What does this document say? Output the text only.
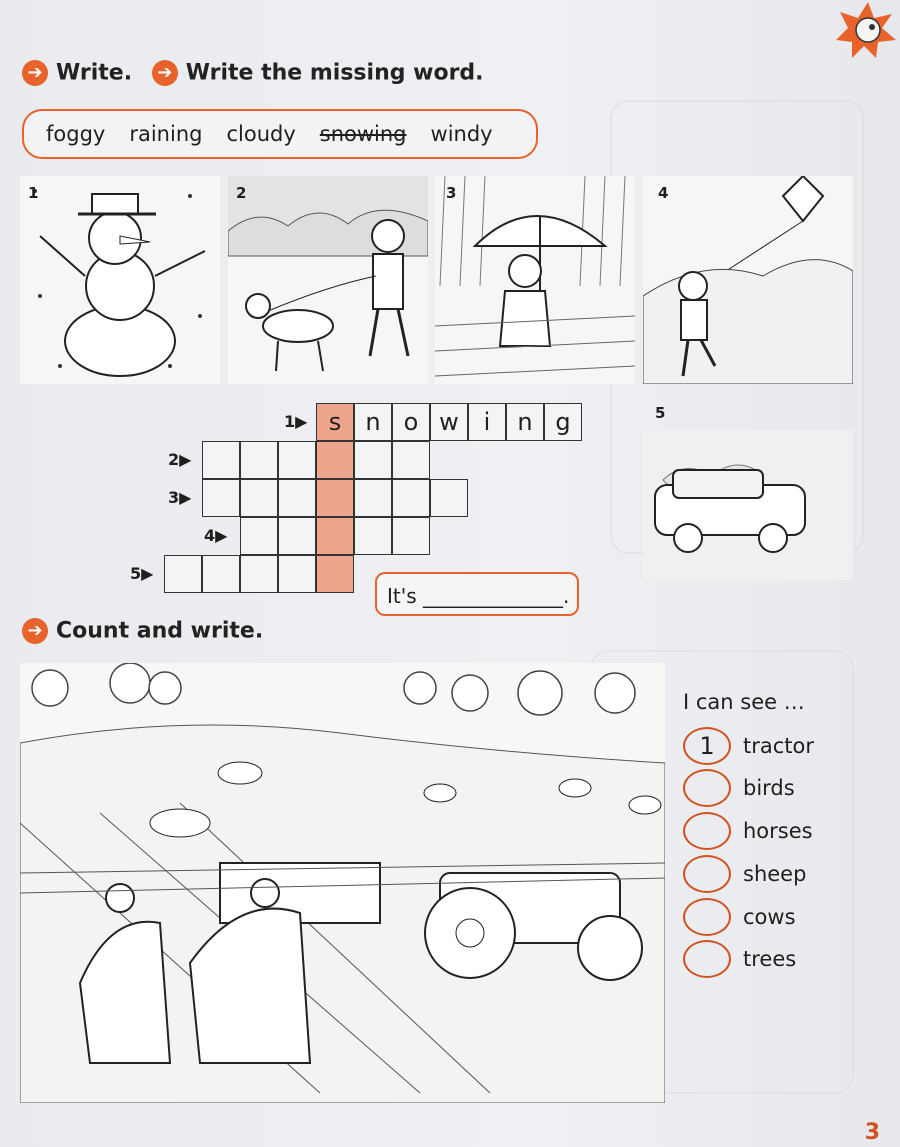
➔ Write. ➔ Write the missing word.
foggy raining cloudy snowing windy
1	2	3	4
5
s	n o w	i	n g
1▶
2▶
3▶
4▶
5▶
It's ______________.
➔ Count and write.
I can see …
1	tractor
birds
horses
sheep
cows
trees
3
